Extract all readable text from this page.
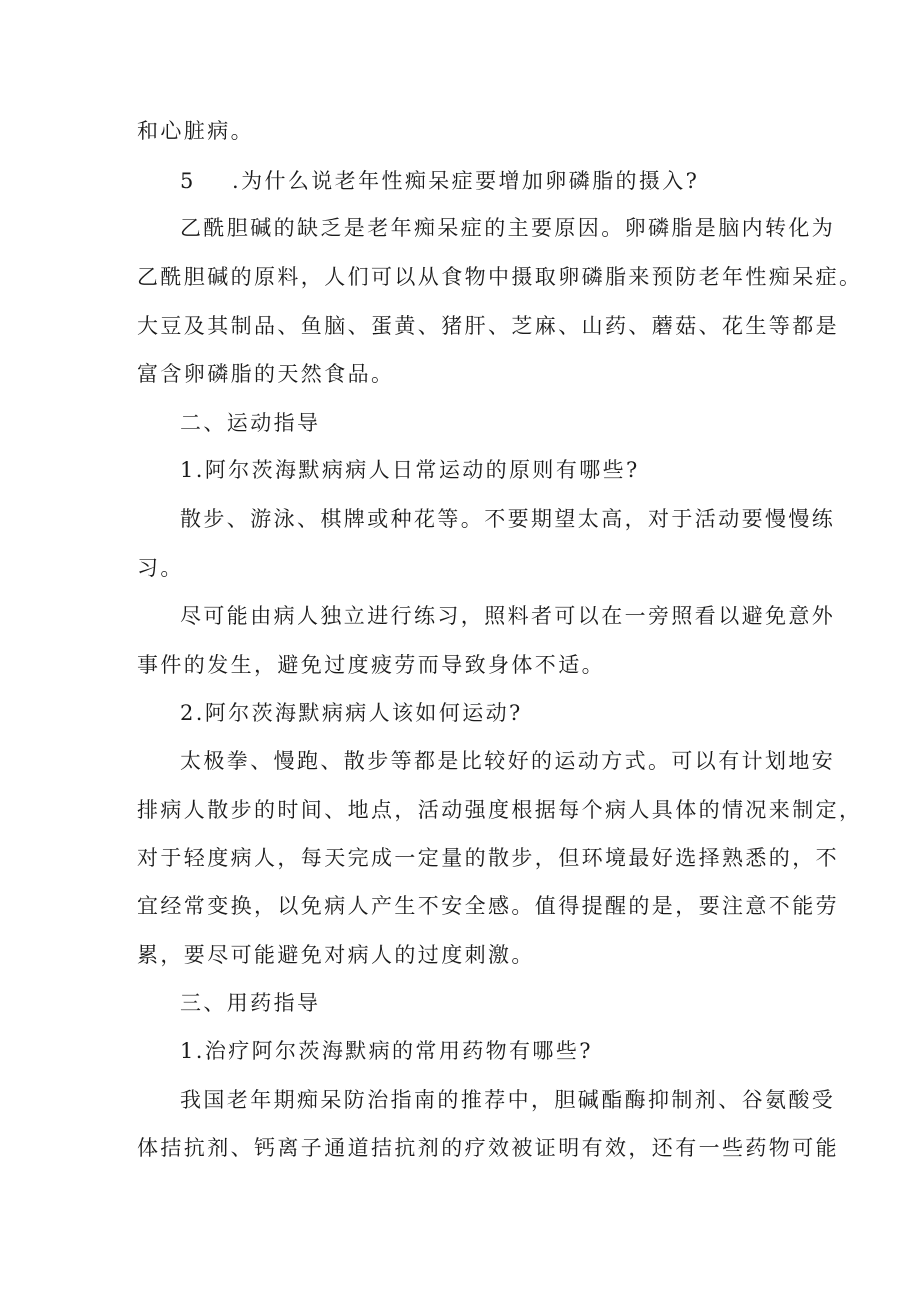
和心脏病。
5 .为什么说老年性痴呆症要增加卵磷脂的摄入?
乙酰胆碱的缺乏是老年痴呆症的主要原因。卵磷脂是脑内转化为
乙酰胆碱的原料，人们可以从食物中摄取卵磷脂来预防老年性痴呆症。
大豆及其制品、鱼脑、蛋黄、猪肝、芝麻、山药、蘑菇、花生等都是
富含卵磷脂的天然食品。
二、运动指导
1.阿尔茨海默病病人日常运动的原则有哪些?
散步、游泳、棋牌或种花等。不要期望太高，对于活动要慢慢练
习。
尽可能由病人独立进行练习，照料者可以在一旁照看以避免意外
事件的发生，避免过度疲劳而导致身体不适。
2.阿尔茨海默病病人该如何运动?
太极拳、慢跑、散步等都是比较好的运动方式。可以有计划地安
排病人散步的时间、地点，活动强度根据每个病人具体的情况来制定，
对于轻度病人，每天完成一定量的散步，但环境最好选择熟悉的，不
宜经常变换，以免病人产生不安全感。值得提醒的是，要注意不能劳
累，要尽可能避免对病人的过度刺激。
三、用药指导
1.治疗阿尔茨海默病的常用药物有哪些?
我国老年期痴呆防治指南的推荐中，胆碱酯酶抑制剂、谷氨酸受
体拮抗剂、钙离子通道拮抗剂的疗效被证明有效，还有一些药物可能
